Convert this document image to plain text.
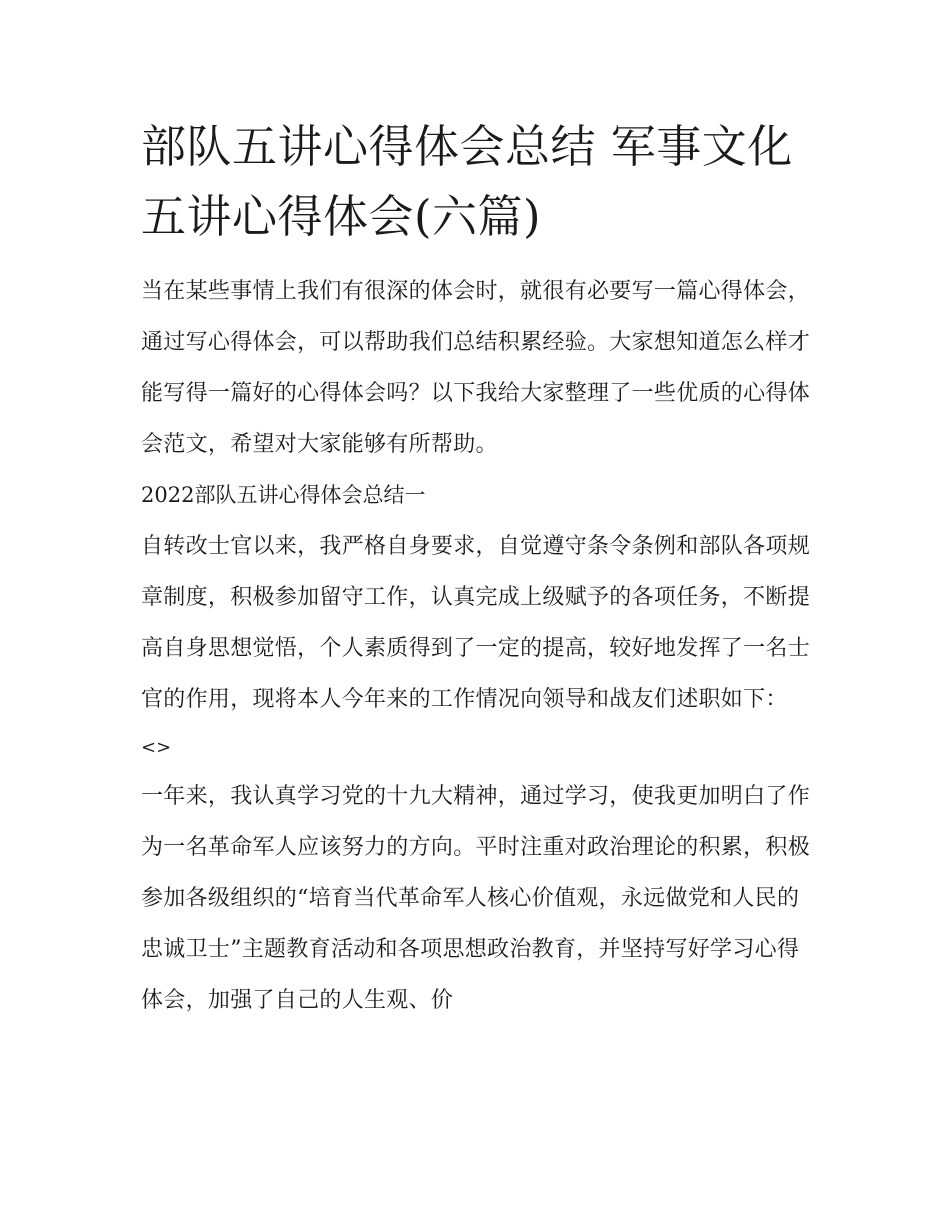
部队五讲心得体会总结 军事文化五讲心得体会(六篇)

当在某些事情上我们有很深的体会时，就很有必要写一篇心得体会，通过写心得体会，可以帮助我们总结积累经验。大家想知道怎么样才能写得一篇好的心得体会吗？以下我给大家整理了一些优质的心得体会范文，希望对大家能够有所帮助。

2022部队五讲心得体会总结一

自转改士官以来，我严格自身要求，自觉遵守条令条例和部队各项规章制度，积极参加留守工作，认真完成上级赋予的各项任务，不断提高自身思想觉悟，个人素质得到了一定的提高，较好地发挥了一名士官的作用，现将本人今年来的工作情况向领导和战友们述职如下：

<>

一年来，我认真学习党的十九大精神，通过学习，使我更加明白了作为一名革命军人应该努力的方向。平时注重对政治理论的积累，积极参加各级组织的“培育当代革命军人核心价值观，永远做党和人民的忠诚卫士”主题教育活动和各项思想政治教育，并坚持写好学习心得体会，加强了自己的人生观、价
